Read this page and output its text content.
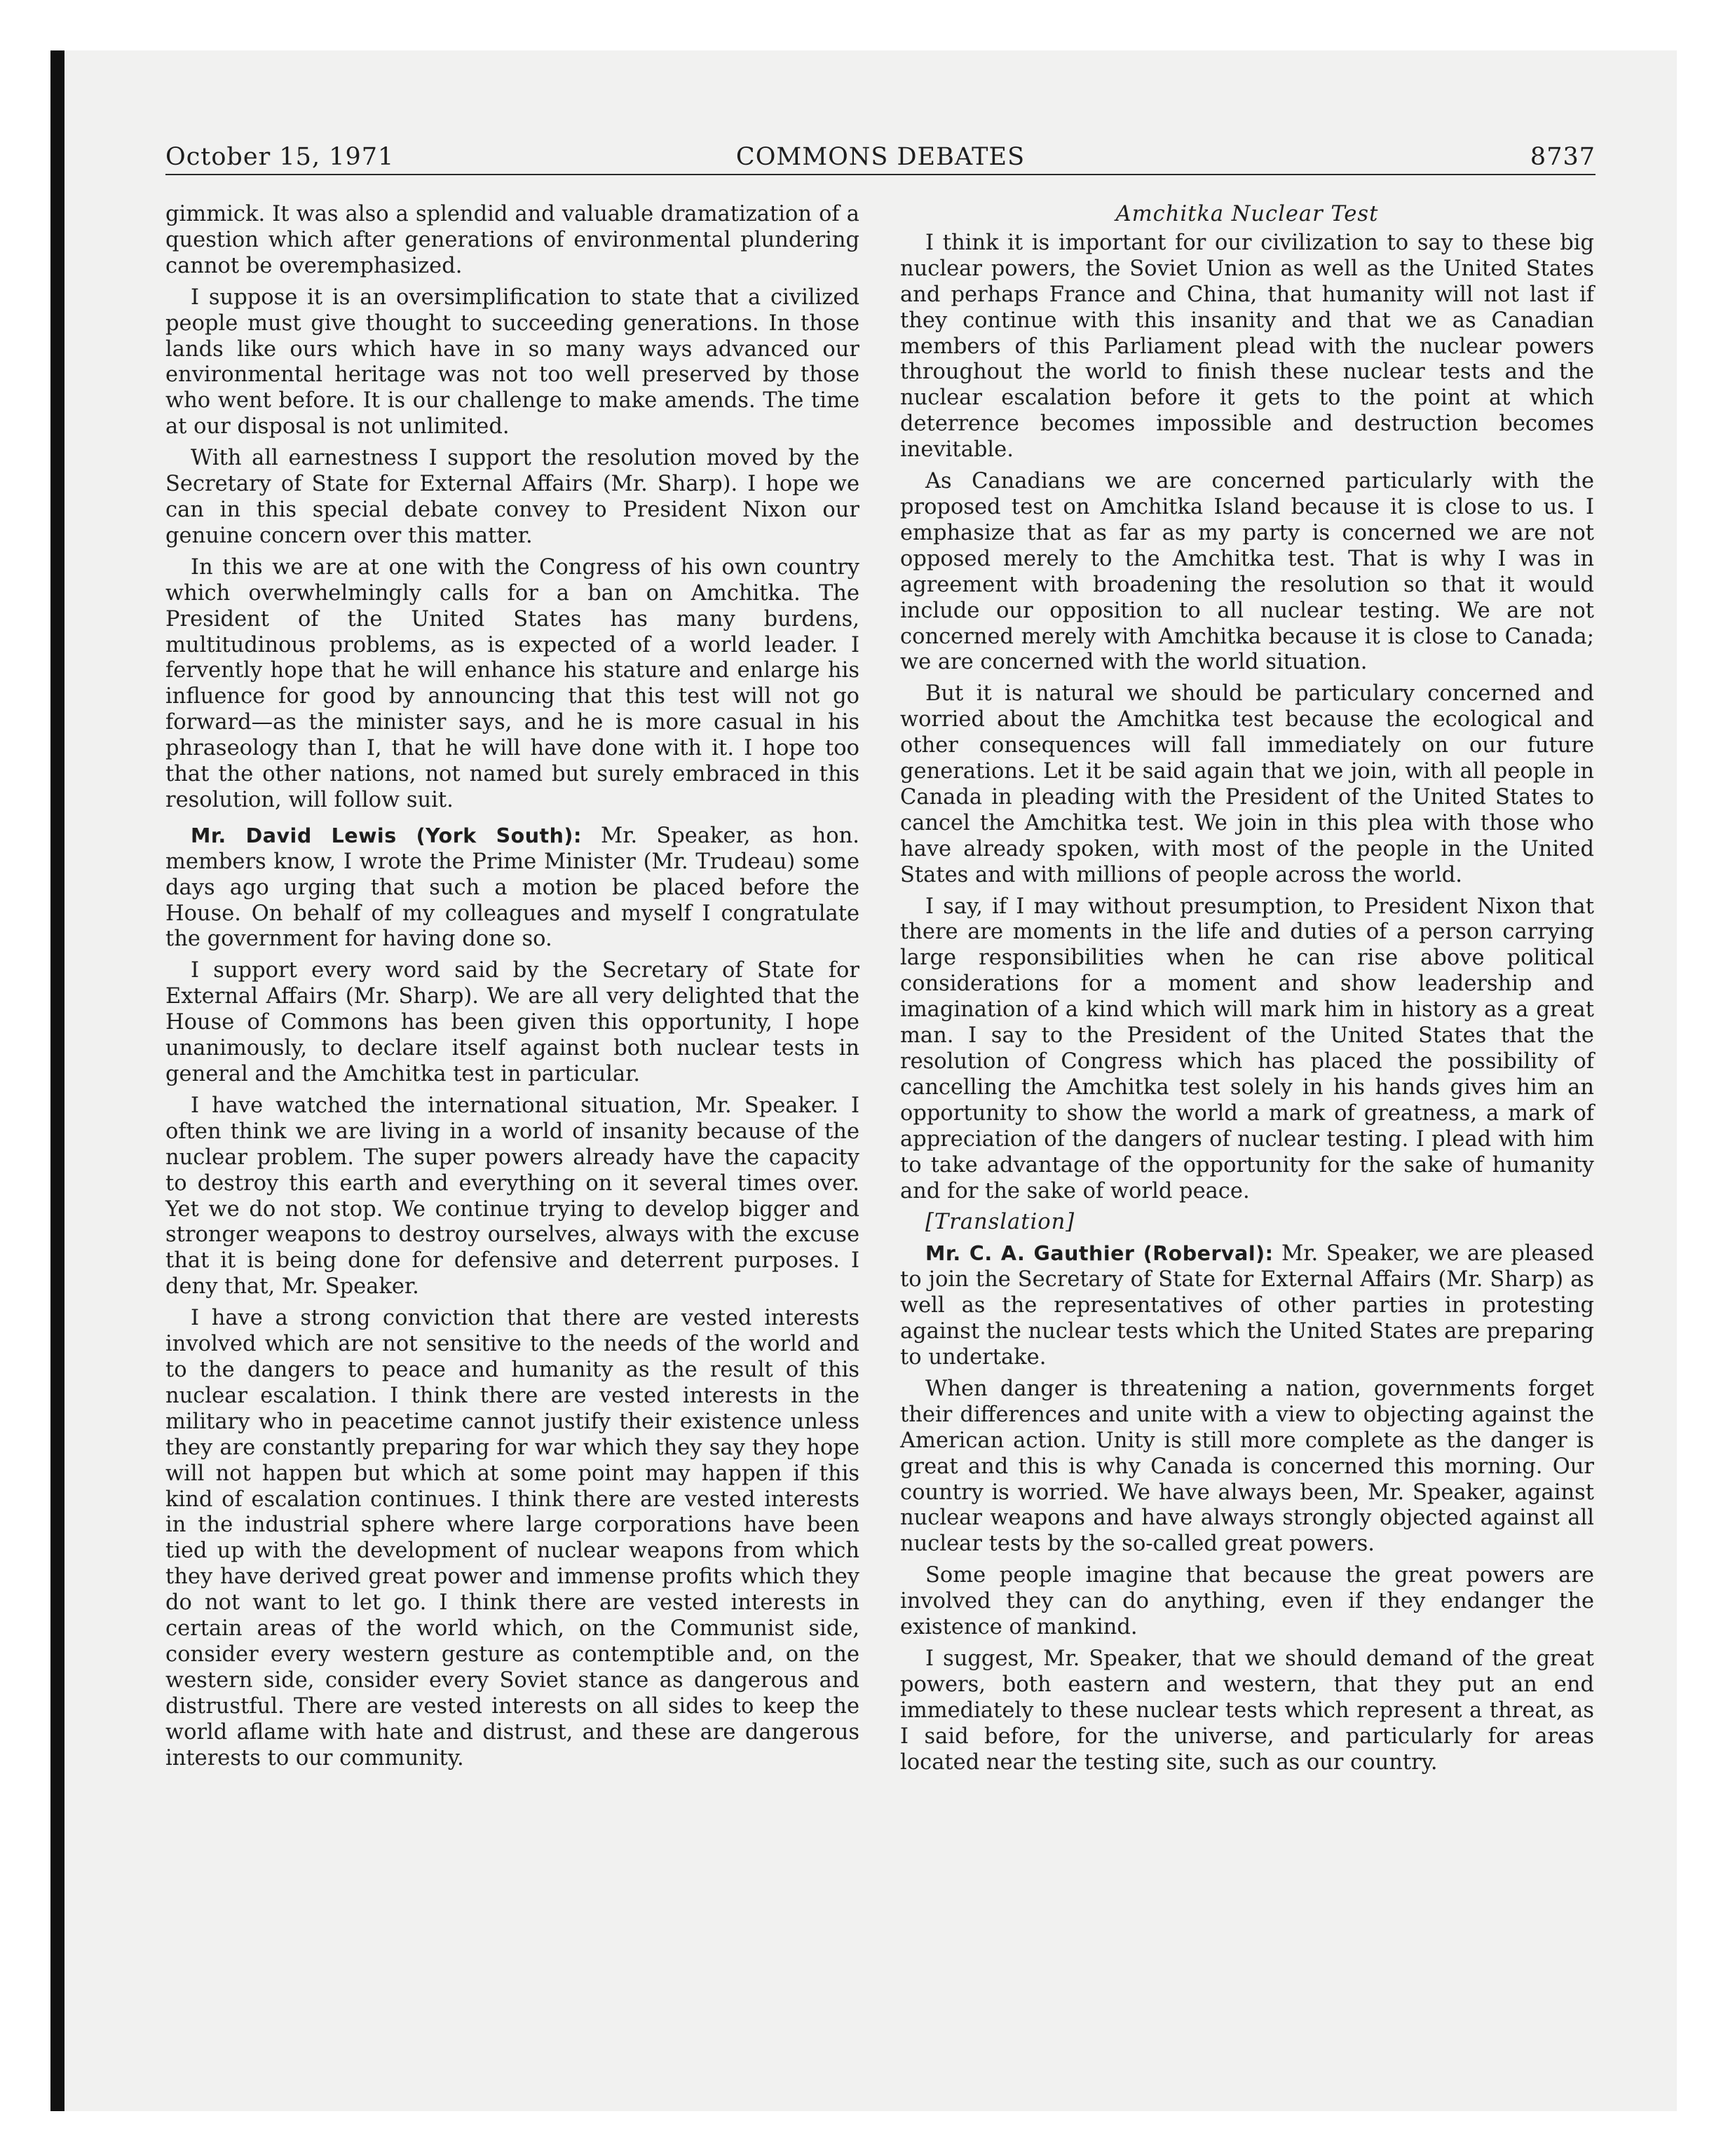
October 15, 1971	COMMONS DEBATES	8737

gimmick. It was also a splendid and valuable dramatization of a question which after generations of environmental plundering cannot be overemphasized.

I suppose it is an oversimplification to state that a civilized people must give thought to succeeding generations. In those lands like ours which have in so many ways advanced our environmental heritage was not too well preserved by those who went before. It is our challenge to make amends. The time at our disposal is not unlimited.

With all earnestness I support the resolution moved by the Secretary of State for External Affairs (Mr. Sharp). I hope we can in this special debate convey to President Nixon our genuine concern over this matter.

In this we are at one with the Congress of his own country which overwhelmingly calls for a ban on Amchitka. The President of the United States has many burdens, multitudinous problems, as is expected of a world leader. I fervently hope that he will enhance his stature and enlarge his influence for good by announcing that this test will not go forward—as the minister says, and he is more casual in his phraseology than I, that he will have done with it. I hope too that the other nations, not named but surely embraced in this resolution, will follow suit.

Mr. David Lewis (York South): Mr. Speaker, as hon. members know, I wrote the Prime Minister (Mr. Trudeau) some days ago urging that such a motion be placed before the House. On behalf of my colleagues and myself I congratulate the government for having done so.

I support every word said by the Secretary of State for External Affairs (Mr. Sharp). We are all very delighted that the House of Commons has been given this opportunity, I hope unanimously, to declare itself against both nuclear tests in general and the Amchitka test in particular.

I have watched the international situation, Mr. Speaker. I often think we are living in a world of insanity because of the nuclear problem. The super powers already have the capacity to destroy this earth and everything on it several times over. Yet we do not stop. We continue trying to develop bigger and stronger weapons to destroy ourselves, always with the excuse that it is being done for defensive and deterrent purposes. I deny that, Mr. Speaker.

I have a strong conviction that there are vested interests involved which are not sensitive to the needs of the world and to the dangers to peace and humanity as the result of this nuclear escalation. I think there are vested interests in the military who in peacetime cannot justify their existence unless they are constantly preparing for war which they say they hope will not happen but which at some point may happen if this kind of escalation continues. I think there are vested interests in the industrial sphere where large corporations have been tied up with the development of nuclear weapons from which they have derived great power and immense profits which they do not want to let go. I think there are vested interests in certain areas of the world which, on the Communist side, consider every western gesture as contemptible and, on the western side, consider every Soviet stance as dangerous and distrustful. There are vested interests on all sides to keep the world aflame with hate and distrust, and these are dangerous interests to our community.

Amchitka Nuclear Test

I think it is important for our civilization to say to these big nuclear powers, the Soviet Union as well as the United States and perhaps France and China, that humanity will not last if they continue with this insanity and that we as Canadian members of this Parliament plead with the nuclear powers throughout the world to finish these nuclear tests and the nuclear escalation before it gets to the point at which deterrence becomes impossible and destruction becomes inevitable.

As Canadians we are concerned particularly with the proposed test on Amchitka Island because it is close to us. I emphasize that as far as my party is concerned we are not opposed merely to the Amchitka test. That is why I was in agreement with broadening the resolution so that it would include our opposition to all nuclear testing. We are not concerned merely with Amchitka because it is close to Canada; we are concerned with the world situation.

But it is natural we should be particulary concerned and worried about the Amchitka test because the ecological and other consequences will fall immediately on our future generations. Let it be said again that we join, with all people in Canada in pleading with the President of the United States to cancel the Amchitka test. We join in this plea with those who have already spoken, with most of the people in the United States and with millions of people across the world.

I say, if I may without presumption, to President Nixon that there are moments in the life and duties of a person carrying large responsibilities when he can rise above political considerations for a moment and show leadership and imagination of a kind which will mark him in history as a great man. I say to the President of the United States that the resolution of Congress which has placed the possibility of cancelling the Amchitka test solely in his hands gives him an opportunity to show the world a mark of greatness, a mark of appreciation of the dangers of nuclear testing. I plead with him to take advantage of the opportunity for the sake of humanity and for the sake of world peace.

[Translation]

Mr. C. A. Gauthier (Roberval): Mr. Speaker, we are pleased to join the Secretary of State for External Affairs (Mr. Sharp) as well as the representatives of other parties in protesting against the nuclear tests which the United States are preparing to undertake.

When danger is threatening a nation, governments forget their differences and unite with a view to objecting against the American action. Unity is still more complete as the danger is great and this is why Canada is concerned this morning. Our country is worried. We have always been, Mr. Speaker, against nuclear weapons and have always strongly objected against all nuclear tests by the so-called great powers.

Some people imagine that because the great powers are involved they can do anything, even if they endanger the existence of mankind.

I suggest, Mr. Speaker, that we should demand of the great powers, both eastern and western, that they put an end immediately to these nuclear tests which represent a threat, as I said before, for the universe, and particularly for areas located near the testing site, such as our country.
